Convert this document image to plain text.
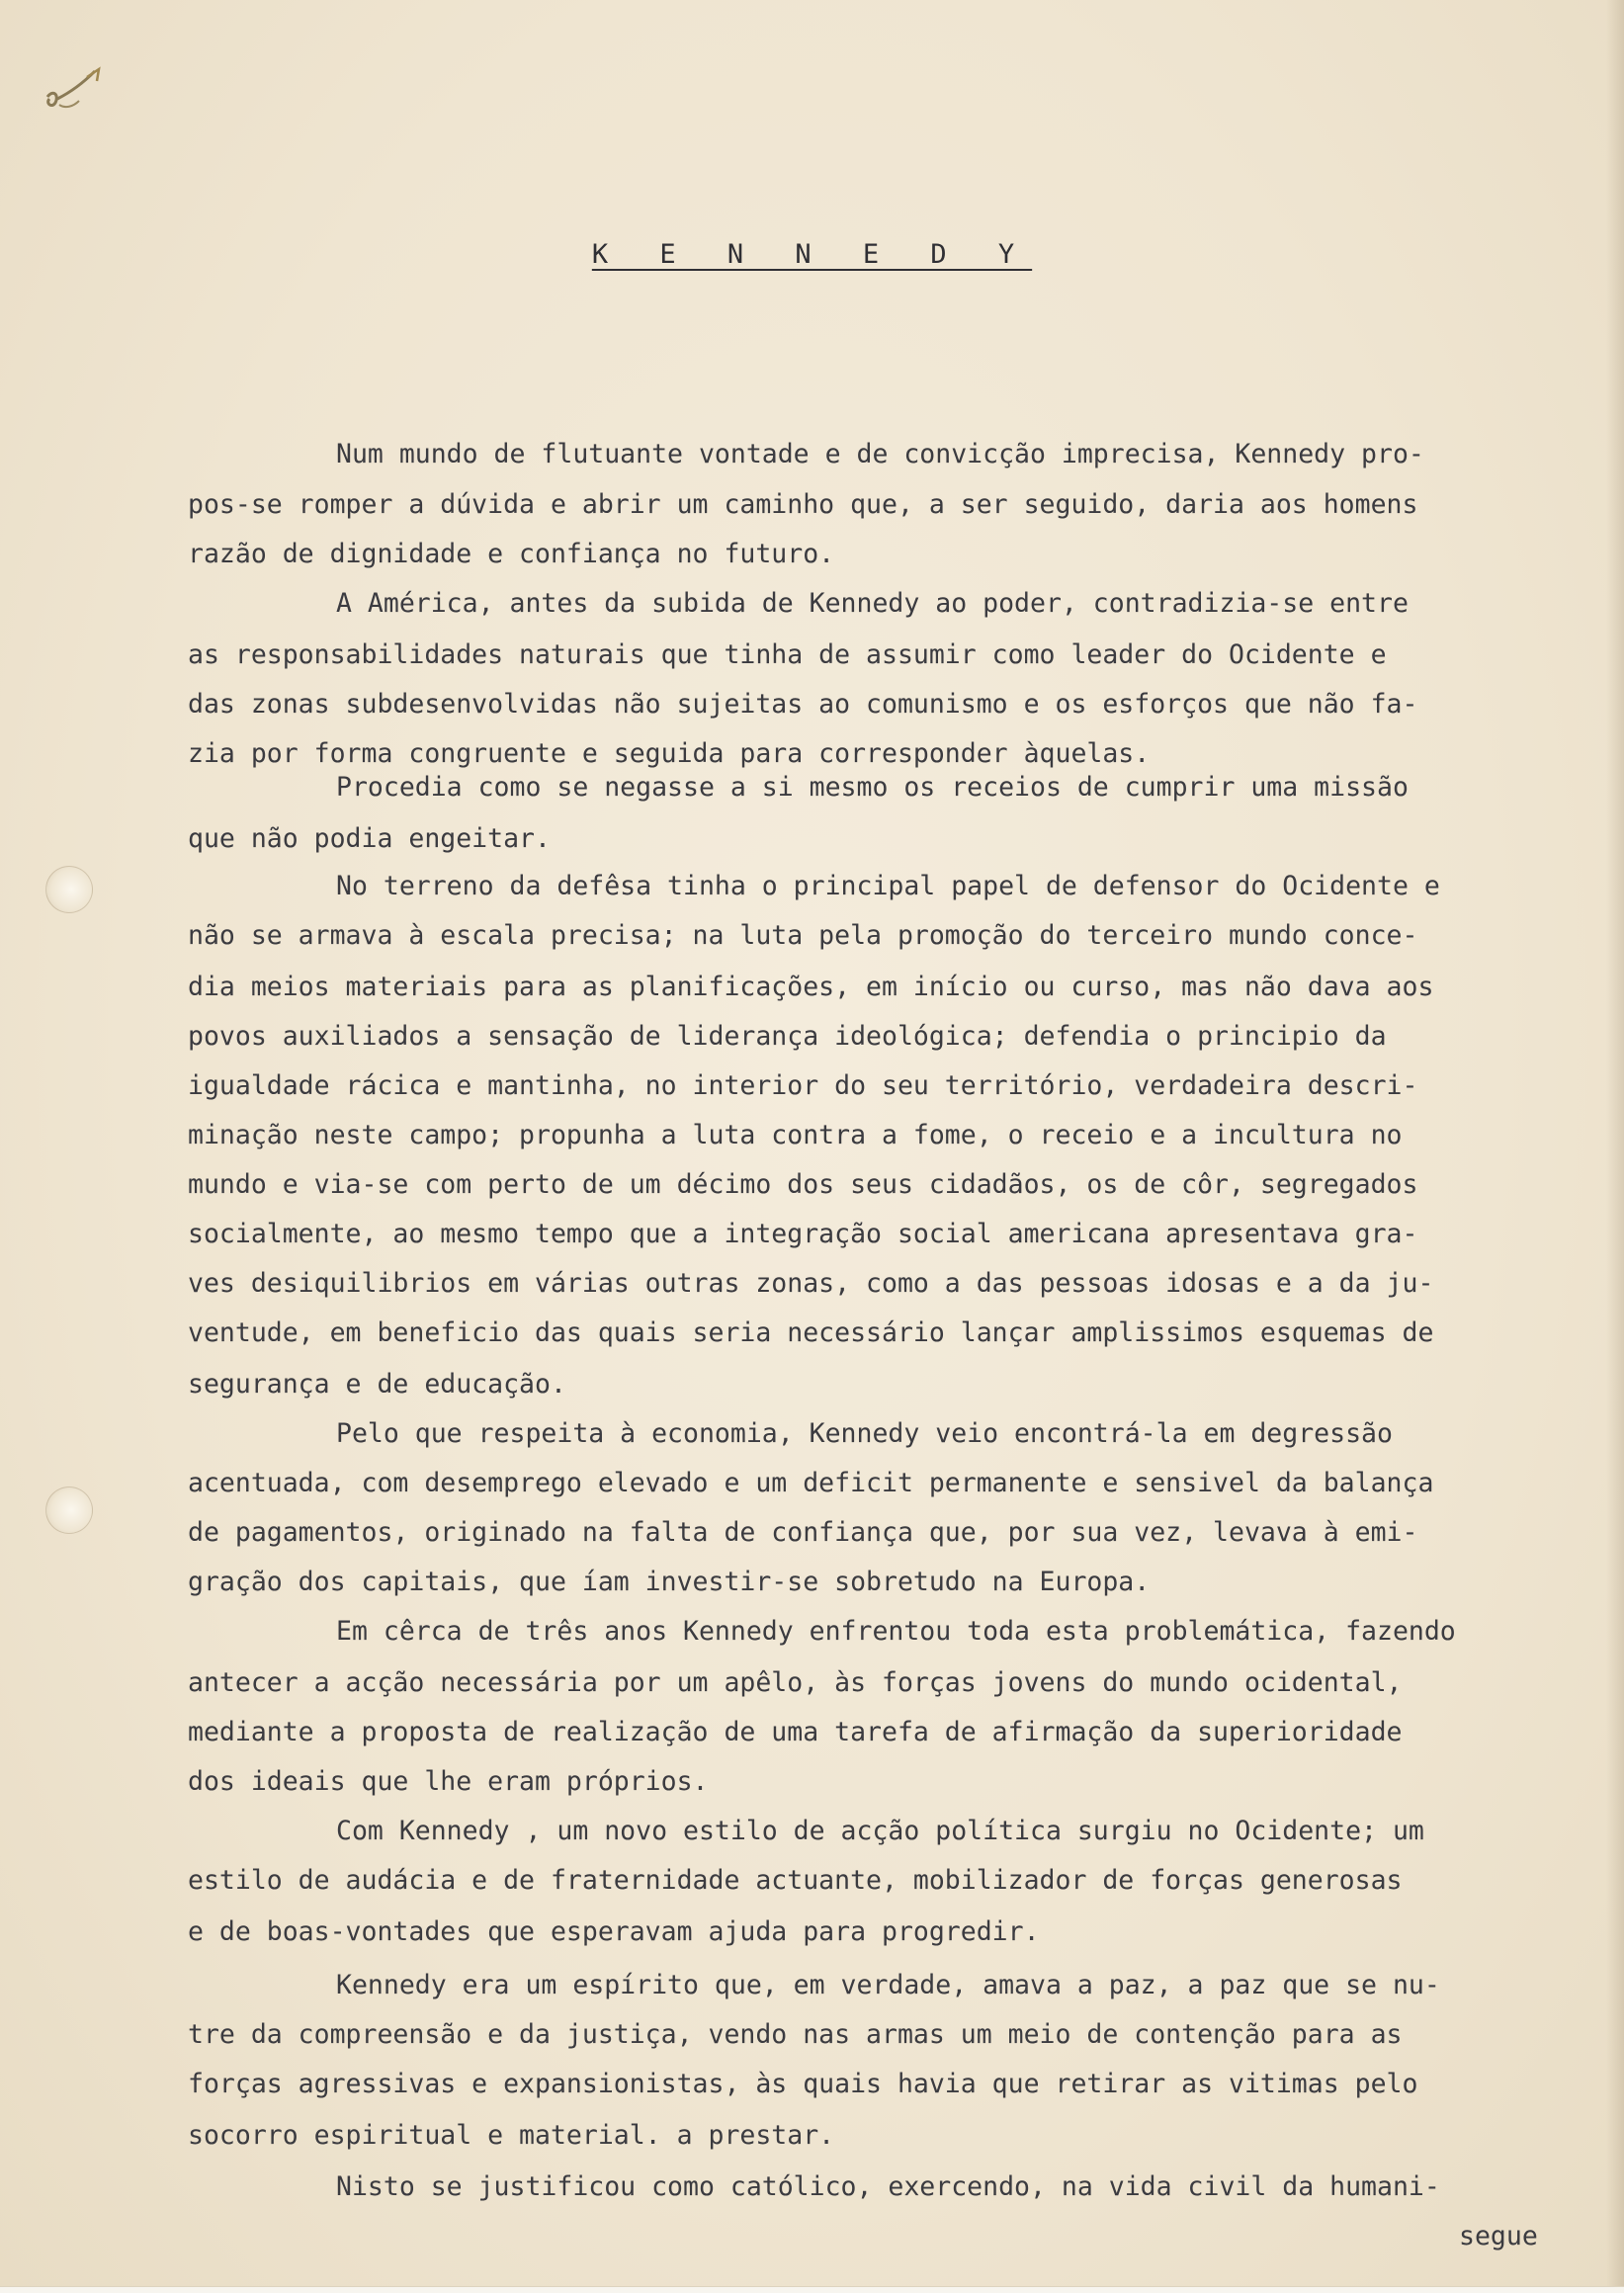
K E N N E D Y

Num mundo de flutuante vontade e de convicção imprecisa, Kennedy pro-

pos-se romper a dúvida e abrir um caminho que, a ser seguido, daria aos homens

razão de dignidade e confiança no futuro.

A América, antes da subida de Kennedy ao poder, contradizia-se entre

as responsabilidades naturais que tinha de assumir como leader do Ocidente e

das zonas subdesenvolvidas não sujeitas ao comunismo e os esforços que não fa-

zia por forma congruente e seguida para corresponder àquelas.

Procedia como se negasse a si mesmo os receios de cumprir uma missão

que não podia engeitar.

No terreno da defêsa tinha o principal papel de defensor do Ocidente e

não se armava à escala precisa; na luta pela promoção do terceiro mundo conce-

dia meios materiais para as planificações, em início ou curso, mas não dava aos

povos auxiliados a sensação de liderança ideológica; defendia o principio da

igualdade rácica e mantinha, no interior do seu território, verdadeira descri-

minação neste campo; propunha a luta contra a fome, o receio e a incultura no

mundo e via-se com perto de um décimo dos seus cidadãos, os de côr, segregados

socialmente, ao mesmo tempo que a integração social americana apresentava gra-

ves desiquilibrios em várias outras zonas, como a das pessoas idosas e a da ju-

ventude, em beneficio das quais seria necessário lançar amplissimos esquemas de

segurança e de educação.

Pelo que respeita à economia, Kennedy veio encontrá-la em degressão

acentuada, com desemprego elevado e um deficit permanente e sensivel da balança

de pagamentos, originado na falta de confiança que, por sua vez, levava à emi-

gração dos capitais, que íam investir-se sobretudo na Europa.

Em cêrca de três anos Kennedy enfrentou toda esta problemática, fazendo

antecer a acção necessária por um apêlo, às forças jovens do mundo ocidental,

mediante a proposta de realização de uma tarefa de afirmação da superioridade

dos ideais que lhe eram próprios.

Com Kennedy , um novo estilo de acção política surgiu no Ocidente; um

estilo de audácia e de fraternidade actuante, mobilizador de forças generosas

e de boas-vontades que esperavam ajuda para progredir.

Kennedy era um espírito que, em verdade, amava a paz, a paz que se nu-

tre da compreensão e da justiça, vendo nas armas um meio de contenção para as

forças agressivas e expansionistas, às quais havia que retirar as vitimas pelo

socorro espiritual e material. a prestar.

Nisto se justificou como católico, exercendo, na vida civil da humani-

segue
